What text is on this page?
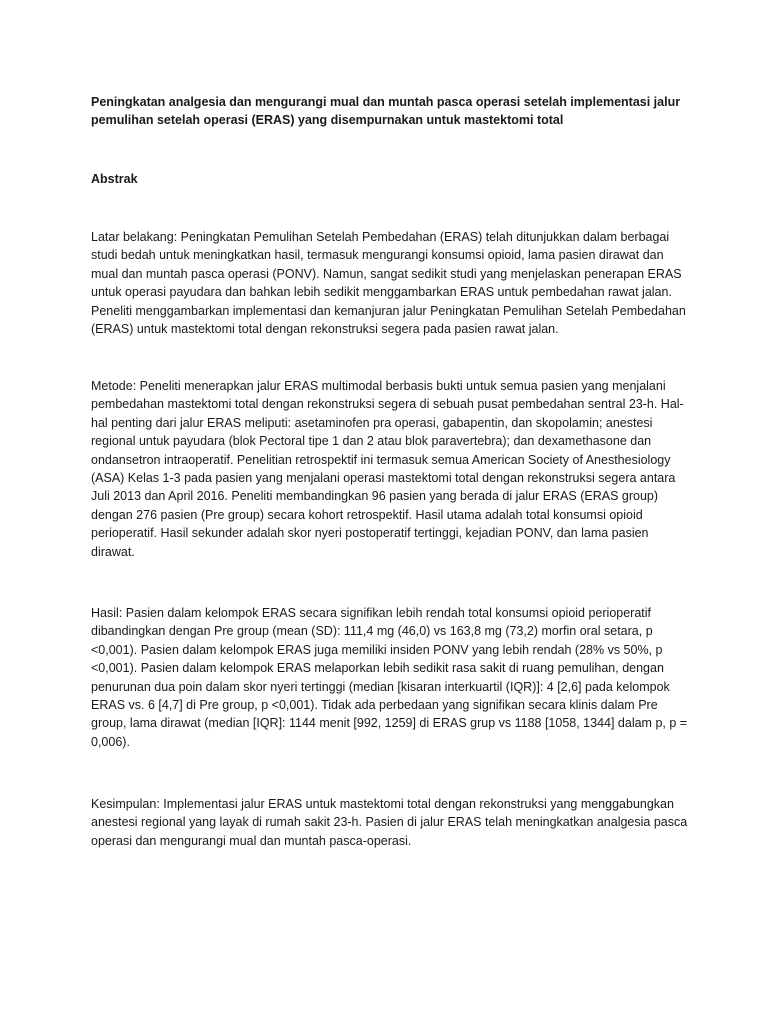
Peningkatan analgesia dan mengurangi mual dan muntah pasca operasi setelah implementasi jalur pemulihan setelah operasi (ERAS) yang disempurnakan untuk mastektomi total

Abstrak

Latar belakang: Peningkatan Pemulihan Setelah Pembedahan (ERAS) telah ditunjukkan dalam berbagai studi bedah untuk meningkatkan hasil, termasuk mengurangi konsumsi opioid, lama pasien dirawat dan mual dan muntah pasca operasi (PONV). Namun, sangat sedikit studi yang menjelaskan penerapan ERAS untuk operasi payudara dan bahkan lebih sedikit menggambarkan ERAS untuk pembedahan rawat jalan. Peneliti menggambarkan implementasi dan kemanjuran jalur Peningkatan Pemulihan Setelah Pembedahan (ERAS) untuk mastektomi total dengan rekonstruksi segera pada pasien rawat jalan.

Metode: Peneliti menerapkan jalur ERAS multimodal berbasis bukti untuk semua pasien yang menjalani pembedahan mastektomi total dengan rekonstruksi segera di sebuah pusat pembedahan sentral 23-h. Hal-hal penting dari jalur ERAS meliputi: asetaminofen pra operasi, gabapentin, dan skopolamin; anestesi regional untuk payudara (blok Pectoral tipe 1 dan 2 atau blok paravertebra); dan dexamethasone dan ondansetron intraoperatif. Penelitian retrospektif ini termasuk semua American Society of Anesthesiology (ASA) Kelas 1-3 pada pasien yang menjalani operasi mastektomi total dengan rekonstruksi segera antara Juli 2013 dan April 2016. Peneliti membandingkan 96 pasien yang berada di jalur ERAS (ERAS group) dengan 276 pasien (Pre group) secara kohort retrospektif. Hasil utama adalah total konsumsi opioid perioperatif. Hasil sekunder adalah skor nyeri postoperatif tertinggi, kejadian PONV, dan lama pasien dirawat.

Hasil: Pasien dalam kelompok ERAS secara signifikan lebih rendah total konsumsi opioid perioperatif dibandingkan dengan Pre group (mean (SD): 111,4 mg (46,0) vs 163,8 mg (73,2) morfin oral setara, p <0,001). Pasien dalam kelompok ERAS juga memiliki insiden PONV yang lebih rendah (28% vs 50%, p <0,001). Pasien dalam kelompok ERAS melaporkan lebih sedikit rasa sakit di ruang pemulihan, dengan penurunan dua poin dalam skor nyeri tertinggi (median [kisaran interkuartil (IQR)]: 4 [2,6] pada kelompok ERAS vs. 6 [4,7] di Pre group, p <0,001). Tidak ada perbedaan yang signifikan secara klinis dalam Pre group, lama dirawat (median [IQR]: 1144 menit [992, 1259] di ERAS grup vs 1188 [1058, 1344] dalam p, p = 0,006).

Kesimpulan: Implementasi jalur ERAS untuk mastektomi total dengan rekonstruksi yang menggabungkan anestesi regional yang layak di rumah sakit 23-h. Pasien di jalur ERAS telah meningkatkan analgesia pasca operasi dan mengurangi mual dan muntah pasca-operasi.
